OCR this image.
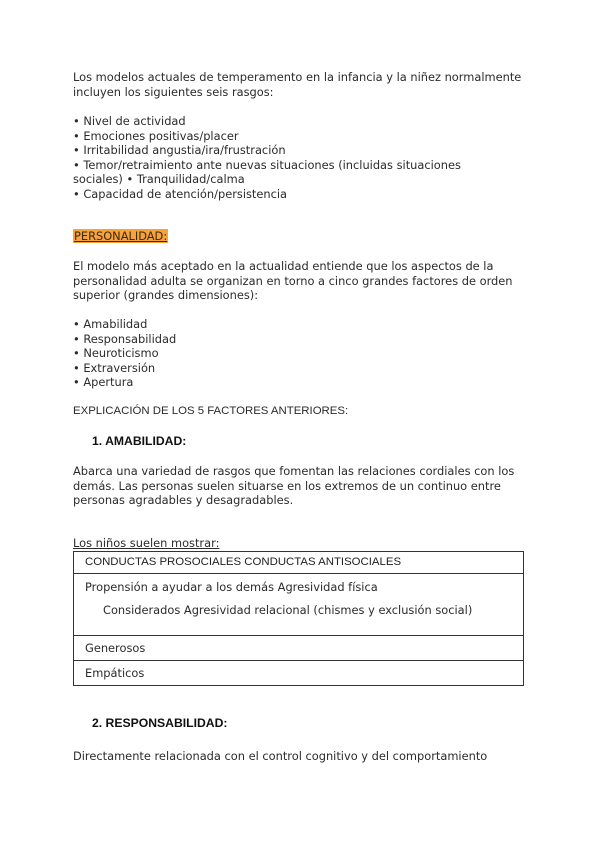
Los modelos actuales de temperamento en la infancia y la niñez normalmente
incluyen los siguientes seis rasgos:
• Nivel de actividad
• Emociones positivas/placer
• Irritabilidad angustia/ira/frustración
• Temor/retraimiento ante nuevas situaciones (incluidas situaciones
sociales) • Tranquilidad/calma
• Capacidad de atención/persistencia
PERSONALIDAD:
El modelo más aceptado en la actualidad entiende que los aspectos de la
personalidad adulta se organizan en torno a cinco grandes factores de orden
superior (grandes dimensiones):
• Amabilidad
• Responsabilidad
• Neuroticismo
• Extraversión
• Apertura
EXPLICACIÓN DE LOS 5 FACTORES ANTERIORES:
1. AMABILIDAD:
Abarca una variedad de rasgos que fomentan las relaciones cordiales con los
demás. Las personas suelen situarse en los extremos de un continuo entre
personas agradables y desagradables.
Los niños suelen mostrar:
CONDUCTAS PROSOCIALES CONDUCTAS ANTISOCIALES

Propensión a ayudar a los demás Agresividad física
Considerados Agresividad relacional (chismes y exclusión social)

Generosos
Empáticos
2. RESPONSABILIDAD:
Directamente relacionada con el control cognitivo y del comportamiento
